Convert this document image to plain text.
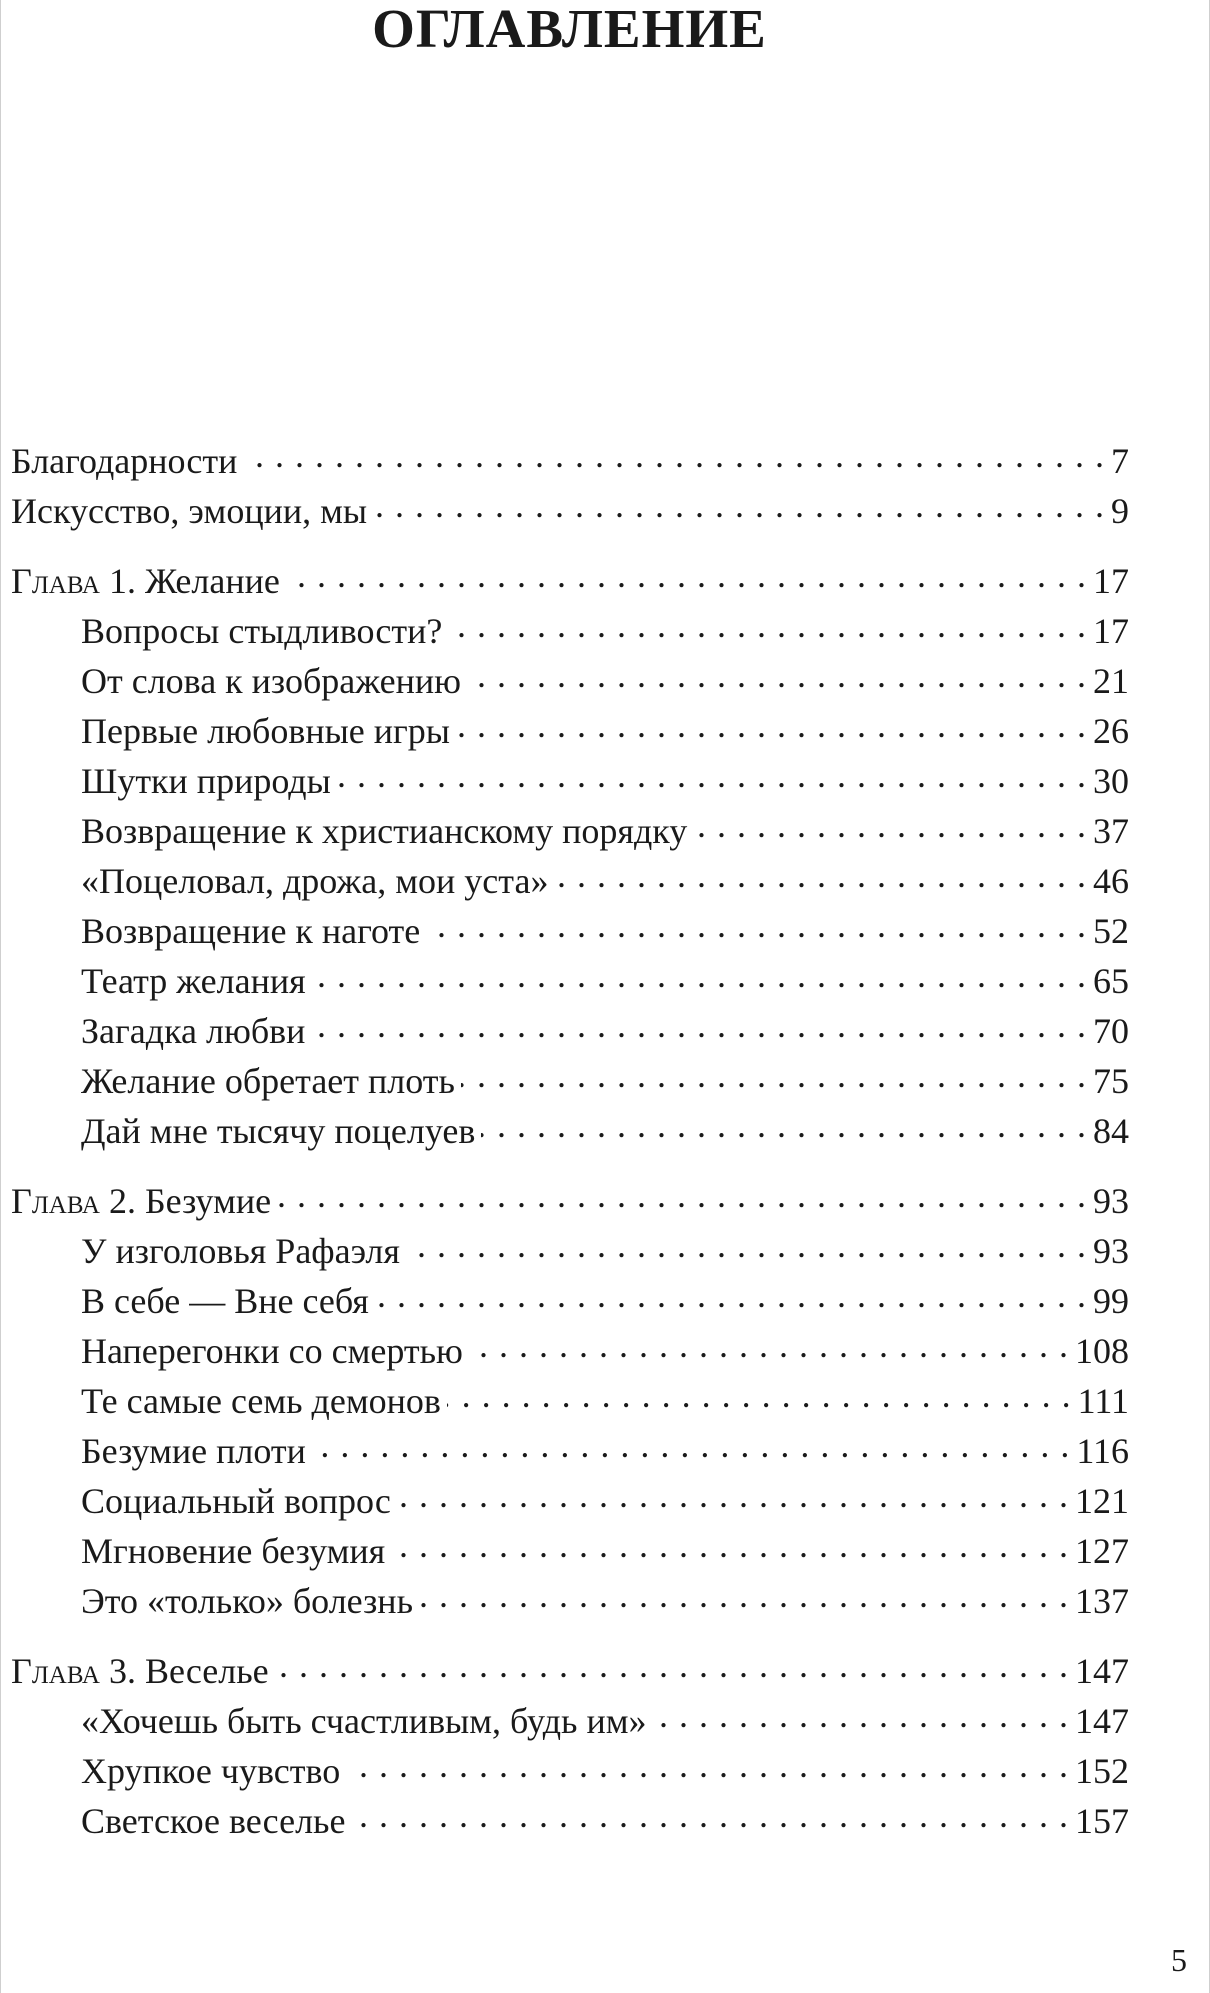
ОГЛАВЛЕНИЕ
Благодарности . . .	7
Искусство, эмоции, мы . . .	9
Глава 1. Желание . . .	17
Вопросы стыдливости? . . .	17
От слова к изображению . . .	21
Первые любовные игры . . .	26
Шутки природы . . .	30
Возвращение к христианскому порядку . . .	37
«Поцеловал, дрожа, мои уста» . . .	46
Возвращение к наготе . . .	52
Театр желания . . .	65
Загадка любви . . .	70
Желание обретает плоть . . .	75
Дай мне тысячу поцелуев . . .	84
Глава 2. Безумие . . .	93
У изголовья Рафаэля . . .	93
В себе — Вне себя . . .	99
Наперегонки со смертью . . .	108
Те самые семь демонов . . .	111
Безумие плоти . . .	116
Социальный вопрос . . .	121
Мгновение безумия . . .	127
Это «только» болезнь . . .	137
Глава 3. Веселье . . .	147
«Хочешь быть счастливым, будь им» . . .	147
Хрупкое чувство . . .	152
Светское веселье . . .	157
5
